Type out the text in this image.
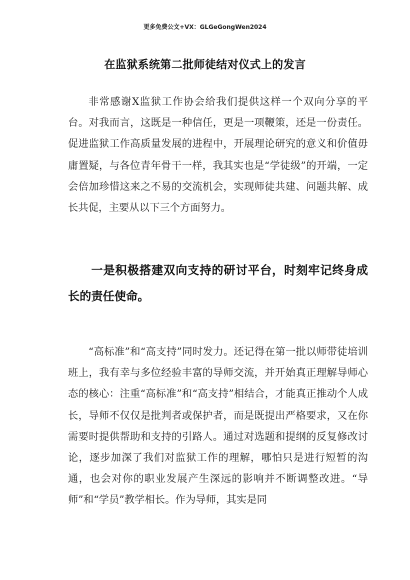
更多免费公文+VX：GLGeGongWen2024
在监狱系统第二批师徒结对仪式上的发言

非常感谢X监狱工作协会给我们提供这样一个双向分享的平台。对我而言，这既是一种信任，更是一项鞭策，还是一份责任。促进监狱工作高质量发展的进程中，开展理论研究的意义和价值毋庸置疑，与各位青年骨干一样，我其实也是“学徒级”的开端，一定会倍加珍惜这来之不易的交流机会，实现师徒共建、问题共解、成长共促，主要从以下三个方面努力。

一是积极搭建双向支持的研讨平台，时刻牢记终身成长的责任使命。

“高标准”和“高支持”同时发力。还记得在第一批以师带徒培训班上，我有幸与多位经验丰富的导师交流，并开始真正理解导师心态的核心：注重“高标准”和“高支持”相结合，才能真正推动个人成长，导师不仅仅是批判者或保护者，而是既提出严格要求，又在你需要时提供帮助和支持的引路人。通过对选题和提纲的反复修改讨论，逐步加深了我们对监狱工作的理解，哪怕只是进行短暂的沟通，也会对你的职业发展产生深远的影响并不断调整改进。“导师”和“学员”教学相长。作为导师，其实是同
